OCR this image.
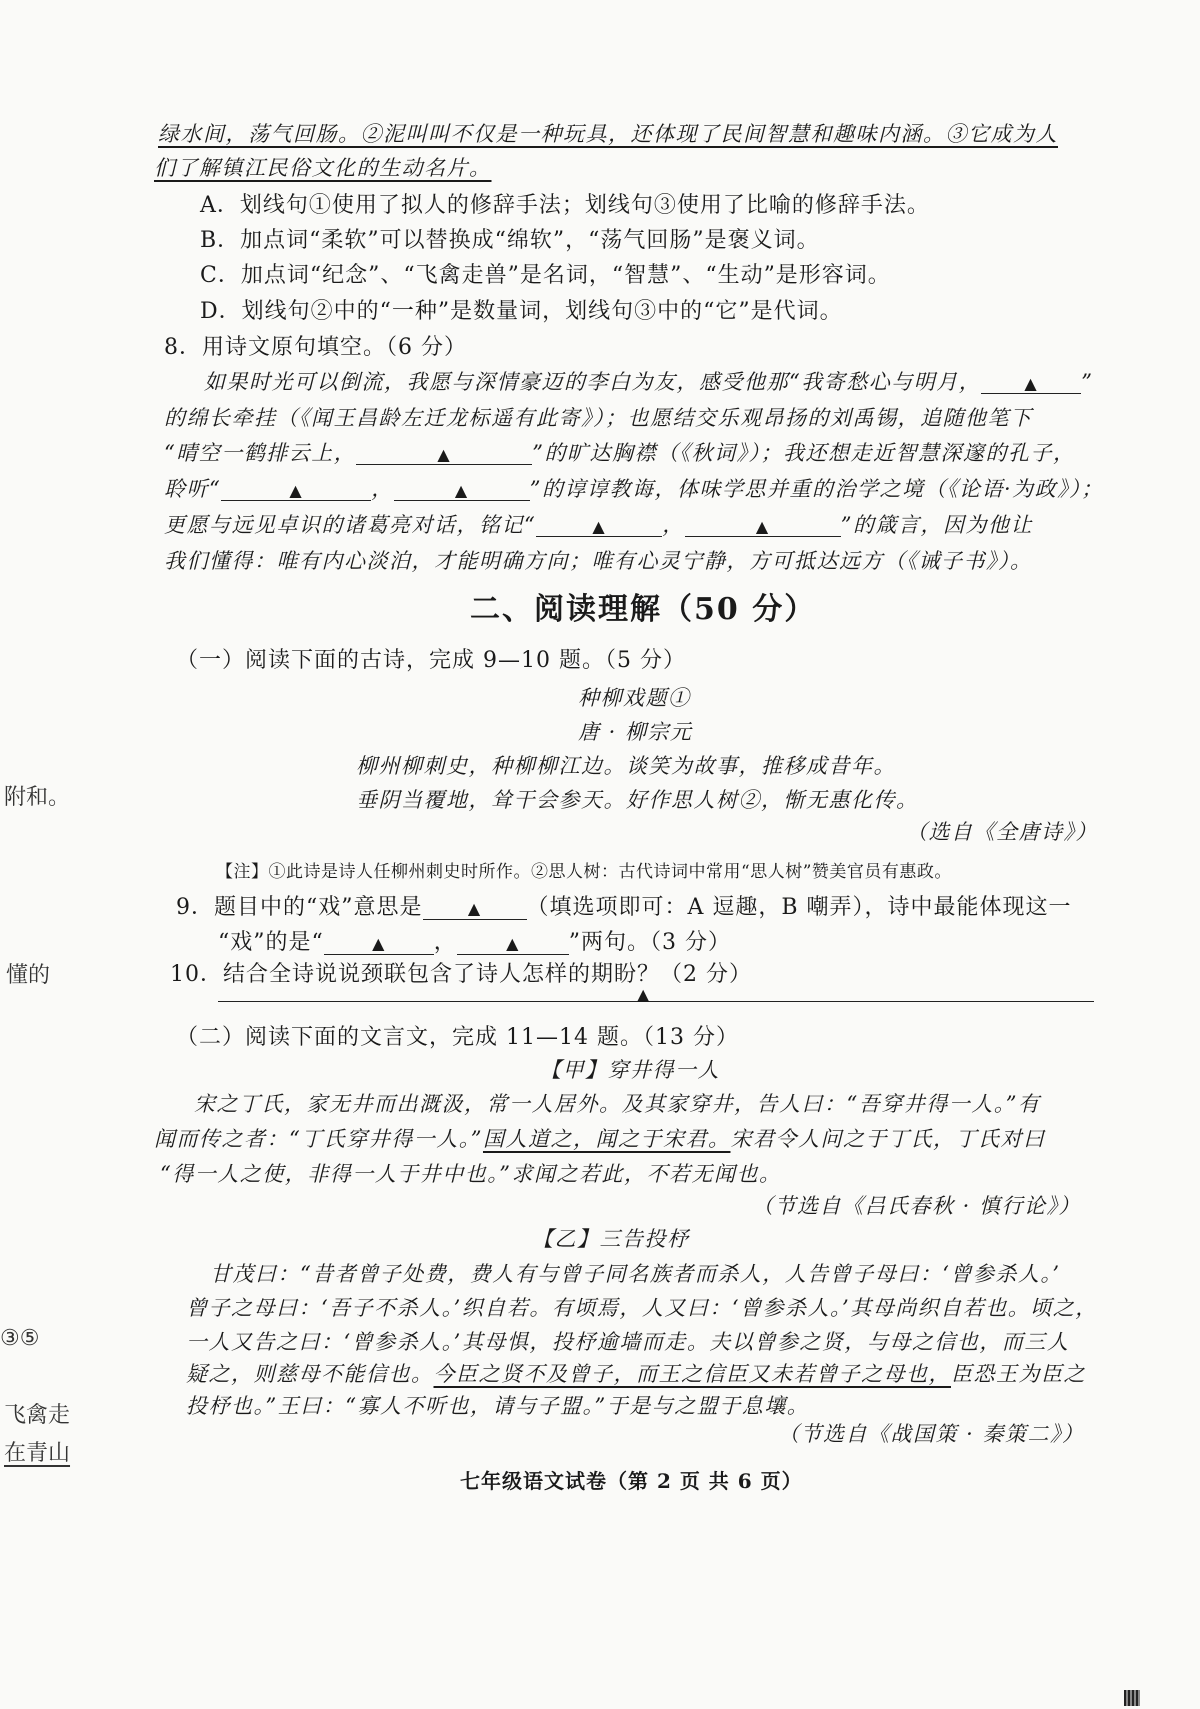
绿水间，荡气回肠。②泥叫叫不仅是一种玩具，还体现了民间智慧和趣味内涵。③它成为人
们了解镇江民俗文化的生动名片。
A．划线句①使用了拟人的修辞手法；划线句③使用了比喻的修辞手法。
B．加点词“柔软”可以替换成“绵软”，“荡气回肠”是褒义词。
C．加点词“纪念”、“飞禽走兽”是名词，“智慧”、“生动”是形容词。
D．划线句②中的“一种”是数量词，划线句③中的“它”是代词。
8．用诗文原句填空。（6 分）
如果时光可以倒流，我愿与深情豪迈的李白为友，感受他那“我寄愁心与明月，	▲ ”
的绵长牵挂（《闻王昌龄左迁龙标遥有此寄》）；也愿结交乐观昂扬的刘禹锡，追随他笔下
“晴空一鹤排云上，	▲	”的旷达胸襟（《秋词》）；我还想走近智慧深邃的孔子，
聆听“	▲	，	▲	”的谆谆教诲，体味学思并重的治学之境（《论语·为政》）；
更愿与远见卓识的诸葛亮对话，铭记“	▲	，	▲	”的箴言，因为他让
我们懂得：唯有内心淡泊，才能明确方向；唯有心灵宁静，方可抵达远方（《诫子书》）。
二、阅读理解（50 分）
（一）阅读下面的古诗，完成 9—10 题。（5 分）
种柳戏题①
唐 · 柳宗元
柳州柳刺史，种柳柳江边。谈笑为故事，推移成昔年。
垂阴当覆地，耸干会参天。好作思人树②，惭无惠化传。
（选自《全唐诗》）
【注】①此诗是诗人任柳州刺史时所作。②思人树：古代诗词中常用“思人树”赞美官员有惠政。
9．题目中的“戏”意思是	▲ （填选项即可：A 逗趣，B 嘲弄），诗中最能体现这一
“戏”的是“	▲ ，	▲ ”两句。（3 分）
10．结合全诗说说颈联包含了诗人怎样的期盼？（2 分）
▲
（二）阅读下面的文言文，完成 11—14 题。（13 分）
【甲】穿井得一人
宋之丁氏，家无井而出溉汲，常一人居外。及其家穿井，告人曰：“吾穿井得一人。”有
闻而传之者：“丁氏穿井得一人。”国人道之，闻之于宋君。宋君令人问之于丁氏，丁氏对曰
“得一人之使，非得一人于井中也。”求闻之若此，不若无闻也。
（节选自《吕氏春秋 · 慎行论》）
【乙】三告投杼
甘茂曰：“昔者曾子处费，费人有与曾子同名族者而杀人，人告曾子母曰：‘曾参杀人。’
曾子之母曰：‘吾子不杀人。’织自若。有顷焉，人又曰：‘曾参杀人。’其母尚织自若也。顷之，
一人又告之曰：‘曾参杀人。’其母惧，投杼逾墙而走。夫以曾参之贤，与母之信也，而三人
疑之，则慈母不能信也。今臣之贤不及曾子，而王之信臣又未若曾子之母也，臣恐王为臣之
投杼也。”王曰：“寡人不听也，请与子盟。”于是与之盟于息壤。
（节选自《战国策 · 秦策二》）
七年级语文试卷（第 2 页 共 6 页）
附和。
懂的
③⑤
飞禽走
在青山
